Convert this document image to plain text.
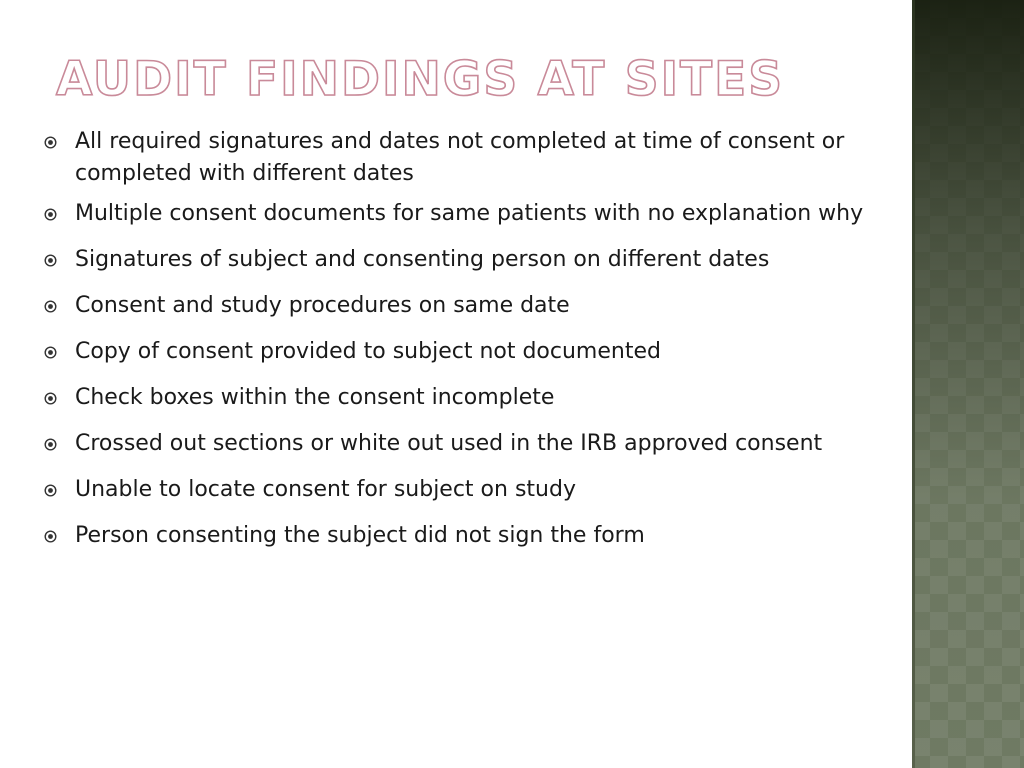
AUDIT FINDINGS AT SITES
All required signatures and dates not completed at time of consent or completed with different dates
Multiple consent documents for same patients with no explanation why
Signatures of subject and consenting person on different dates
Consent and study procedures on same date
Copy of consent provided to subject not documented
Check boxes within the consent incomplete
Crossed out sections or white out used in the IRB approved consent
Unable to locate consent for subject on study
Person consenting the subject did not sign the form
